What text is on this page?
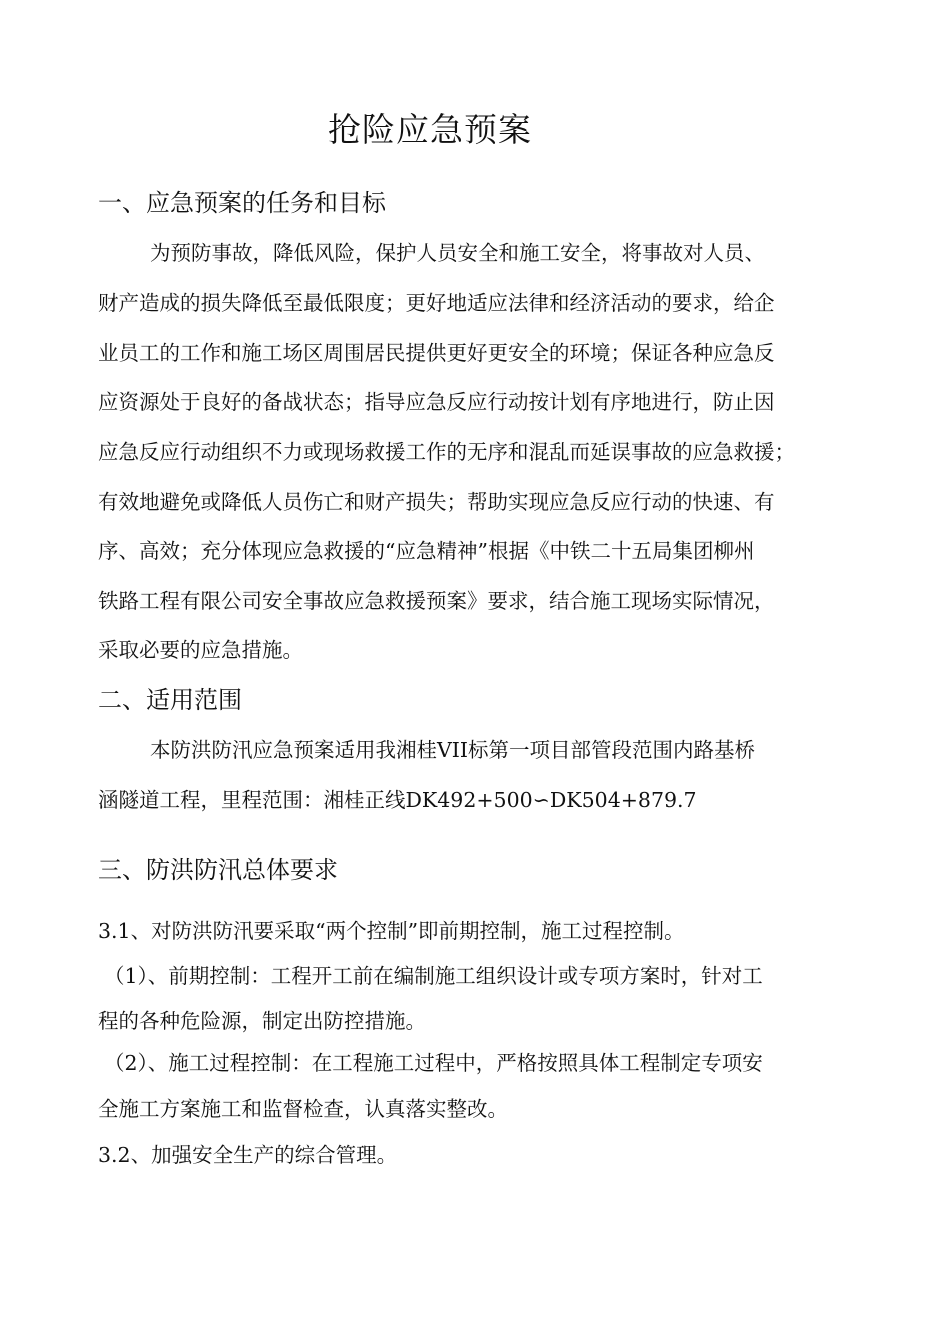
抢险应急预案
一、应急预案的任务和目标

为预防事故，降低风险，保护人员安全和施工安全，将事故对人员、

财产造成的损失降低至最低限度；更好地适应法律和经济活动的要求，给企

业员工的工作和施工场区周围居民提供更好更安全的环境；保证各种应急反

应资源处于良好的备战状态；指导应急反应行动按计划有序地进行，防止因

应急反应行动组织不力或现场救援工作的无序和混乱而延误事故的应急救援；

有效地避免或降低人员伤亡和财产损失；帮助实现应急反应行动的快速、有

序、高效；充分体现应急救援的“应急精神”根据《中铁二十五局集团柳州

铁路工程有限公司安全事故应急救援预案》要求，结合施工现场实际情况，

采取必要的应急措施。

二、适用范围

本防洪防汛应急预案适用我湘桂VII标第一项目部管段范围内路基桥

涵隧道工程，里程范围：湘桂正线DK492+500∽DK504+879.7

三、防洪防汛总体要求

3.1、对防洪防汛要采取“两个控制”即前期控制，施工过程控制。

（1）、前期控制：工程开工前在编制施工组织设计或专项方案时，针对工

程的各种危险源，制定出防控措施。

（2）、施工过程控制：在工程施工过程中，严格按照具体工程制定专项安

全施工方案施工和监督检查，认真落实整改。

3.2、加强安全生产的综合管理。
